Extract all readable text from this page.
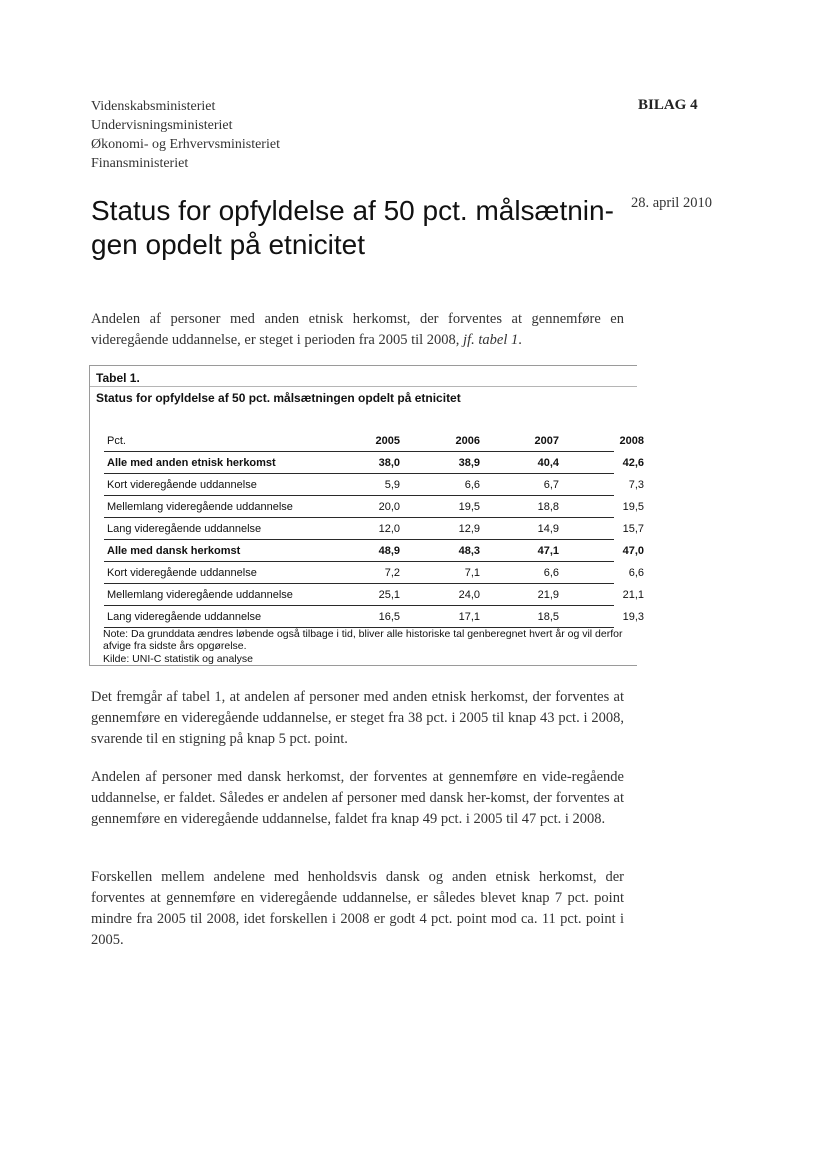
Videnskabsministeriet
Undervisningsministeriet
Økonomi- og Erhvervsministeriet
Finansministeriet
BILAG 4
28. april 2010
Status for opfyldelse af 50 pct. målsætnin-gen opdelt på etnicitet

Andelen af personer med anden etnisk herkomst, der forventes at gennemføre en videregående uddannelse, er steget i perioden fra 2005 til 2008, jf. tabel 1.

Tabel 1.
Status for opfyldelse af 50 pct. målsætningen opdelt på etnicitet
Pct.	2005	2006	2007	2008
Alle med anden etnisk herkomst	38,0	38,9	40,4	42,6
Kort videregående uddannelse	5,9	6,6	6,7	7,3
Mellemlang videregående uddannelse	20,0	19,5	18,8	19,5
Lang videregående uddannelse	12,0	12,9	14,9	15,7
Alle med dansk herkomst	48,9	48,3	47,1	47,0
Kort videregående uddannelse	7,2	7,1	6,6	6,6
Mellemlang videregående uddannelse	25,1	24,0	21,9	21,1
Lang videregående uddannelse	16,5	17,1	18,5	19,3
Note: Da grunddata ændres løbende også tilbage i tid, bliver alle historiske tal genberegnet hvert år og vil derfor afvige fra sidste års opgørelse.
Kilde: UNI-C statistik og analyse

Det fremgår af tabel 1, at andelen af personer med anden etnisk herkomst, der forventes at gennemføre en videregående uddannelse, er steget fra 38 pct. i 2005 til knap 43 pct. i 2008, svarende til en stigning på knap 5 pct. point.

Andelen af personer med dansk herkomst, der forventes at gennemføre en vide-regående uddannelse, er faldet. Således er andelen af personer med dansk her-komst, der forventes at gennemføre en videregående uddannelse, faldet fra knap 49 pct. i 2005 til 47 pct. i 2008.

Forskellen mellem andelene med henholdsvis dansk og anden etnisk herkomst, der forventes at gennemføre en videregående uddannelse, er således blevet knap 7 pct. point mindre fra 2005 til 2008, idet forskellen i 2008 er godt 4 pct. point mod ca. 11 pct. point i 2005.
